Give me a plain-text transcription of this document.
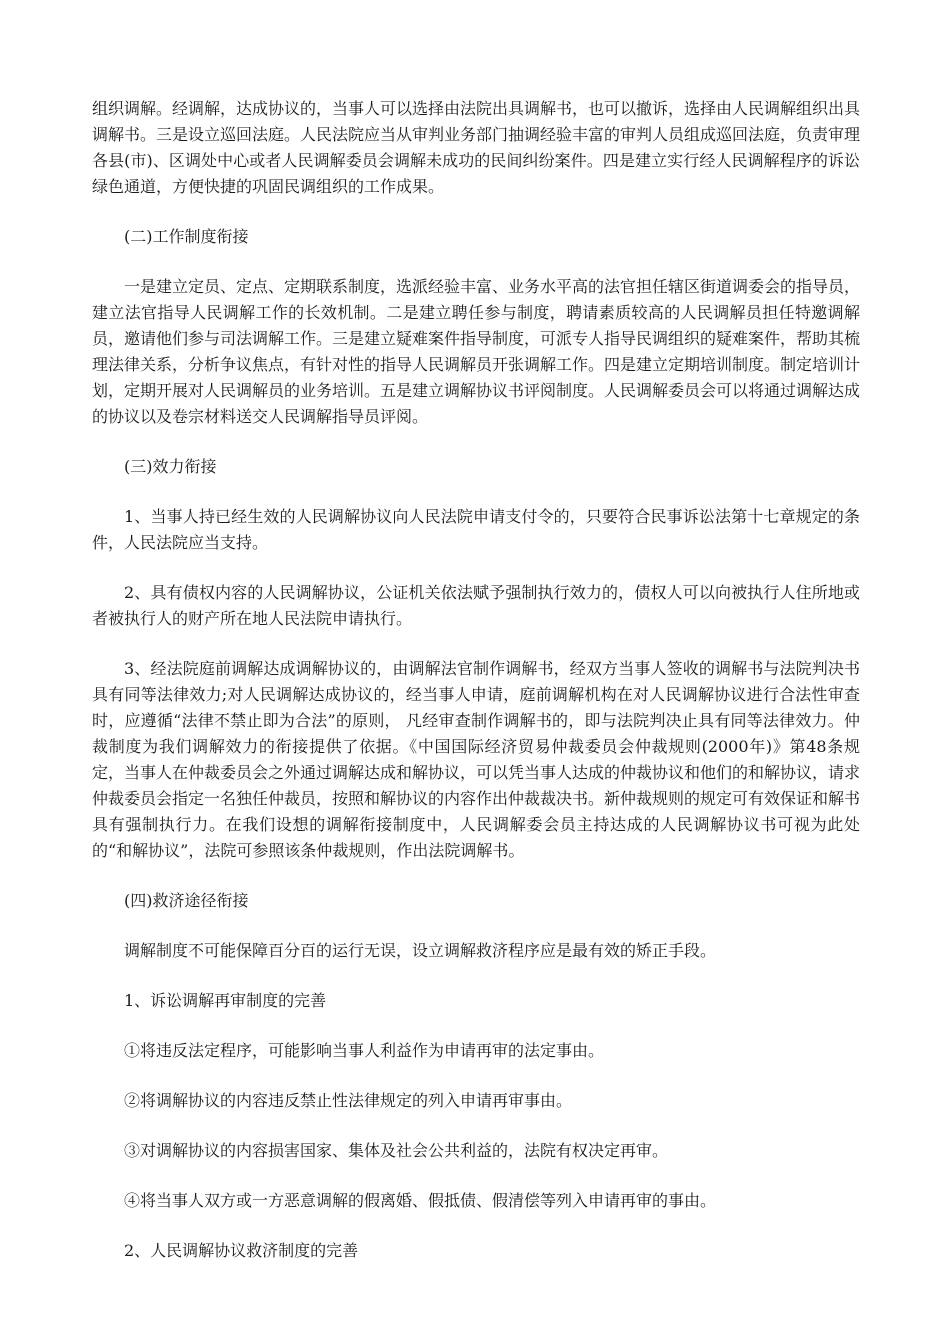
组织调解。经调解，达成协议的，当事人可以选择由法院出具调解书，也可以撤诉，选择由人民调解组织出具调解书。三是设立巡回法庭。人民法院应当从审判业务部门抽调经验丰富的审判人员组成巡回法庭，负责审理各县(市)、区调处中心或者人民调解委员会调解未成功的民间纠纷案件。四是建立实行经人民调解程序的诉讼绿色通道，方便快捷的巩固民调组织的工作成果。

(二)工作制度衔接

一是建立定员、定点、定期联系制度，选派经验丰富、业务水平高的法官担任辖区街道调委会的指导员，建立法官指导人民调解工作的长效机制。二是建立聘任参与制度，聘请素质较高的人民调解员担任特邀调解员，邀请他们参与司法调解工作。三是建立疑难案件指导制度，可派专人指导民调组织的疑难案件，帮助其梳理法律关系，分析争议焦点，有针对性的指导人民调解员开张调解工作。四是建立定期培训制度。制定培训计划，定期开展对人民调解员的业务培训。五是建立调解协议书评阅制度。人民调解委员会可以将通过调解达成的协议以及卷宗材料送交人民调解指导员评阅。

(三)效力衔接

1、当事人持已经生效的人民调解协议向人民法院申请支付令的，只要符合民事诉讼法第十七章规定的条件，人民法院应当支持。

2、具有债权内容的人民调解协议，公证机关依法赋予强制执行效力的，债权人可以向被执行人住所地或者被执行人的财产所在地人民法院申请执行。

3、经法院庭前调解达成调解协议的，由调解法官制作调解书，经双方当事人签收的调解书与法院判决书具有同等法律效力;对人民调解达成协议的，经当事人申请，庭前调解机构在对人民调解协议进行合法性审查时，应遵循“法律不禁止即为合法”的原则， 凡经审查制作调解书的，即与法院判决止具有同等法律效力。仲裁制度为我们调解效力的衔接提供了依据。《中国国际经济贸易仲裁委员会仲裁规则(2000年)》第48条规定，当事人在仲裁委员会之外通过调解达成和解协议，可以凭当事人达成的仲裁协议和他们的和解协议，请求仲裁委员会指定一名独任仲裁员，按照和解协议的内容作出仲裁裁决书。新仲裁规则的规定可有效保证和解书具有强制执行力。在我们设想的调解衔接制度中，人民调解委会员主持达成的人民调解协议书可视为此处的“和解协议”，法院可参照该条仲裁规则，作出法院调解书。

(四)救济途径衔接

调解制度不可能保障百分百的运行无误，设立调解救济程序应是最有效的矫正手段。

1、诉讼调解再审制度的完善

①将违反法定程序，可能影响当事人利益作为申请再审的法定事由。

②将调解协议的内容违反禁止性法律规定的列入申请再审事由。

③对调解协议的内容损害国家、集体及社会公共利益的，法院有权决定再审。

④将当事人双方或一方恶意调解的假离婚、假抵债、假清偿等列入申请再审的事由。

2、人民调解协议救济制度的完善
